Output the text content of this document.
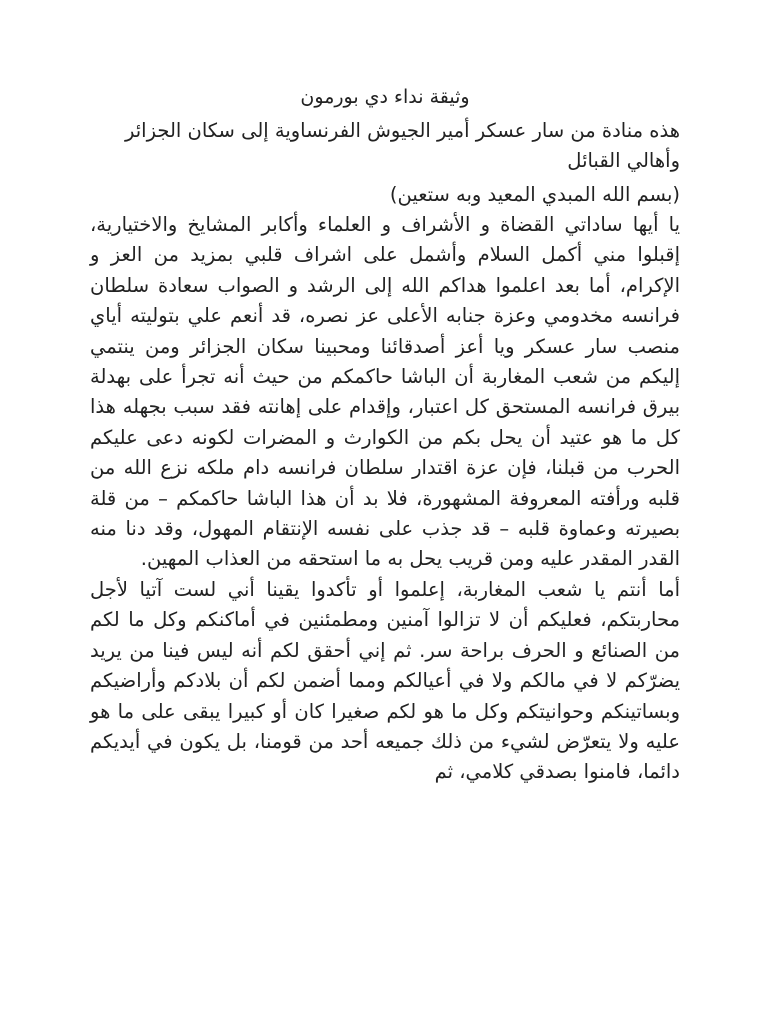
وثيقة نداء دي بورمون

هذه منادة من سار عسكر أمير الجيوش الفرنساوية إلى سكان الجزائر وأهالي القبائل

(بسم الله المبدي المعيد وبه ستعين)

يا أيها ساداتي القضاة و الأشراف و العلماء وأكابر المشايخ والاختيارية، إقبلوا مني أكمل السلام وأشمل على اشراف قلبي بمزيد من العز و الإكرام، أما بعد اعلموا هداكم الله إلى الرشد و الصواب سعادة سلطان فرانسه مخدومي وعزة جنابه الأعلى عز نصره، قد أنعم علي بتوليته أياي منصب سار عسكر ويا أعز أصدقائنا ومحبينا سكان الجزائر ومن ينتمي إليكم من شعب المغاربة أن الباشا حاكمكم من حيث أنه تجرأ على بهدلة بيرق فرانسه المستحق كل اعتبار، وإقدام على إهانته فقد سبب بجهله هذا كل ما هو عتيد أن يحل بكم من الكوارث و المضرات لكونه دعى عليكم الحرب من قبلنا، فإن عزة اقتدار سلطان فرانسه دام ملكه نزع الله من قلبه ورأفته المعروفة المشهورة، فلا بد أن هذا الباشا حاكمكم – من قلة بصيرته وعماوة قلبه – قد جذب على نفسه الإنتقام المهول، وقد دنا منه القدر المقدر عليه ومن قريب يحل به ما استحقه من العذاب المهين.

أما أنتم يا شعب المغاربة، إعلموا أو تأكدوا يقينا أني لست آتيا لأجل محاربتكم، فعليكم أن لا تزالوا آمنين ومطمئنين في أماكنكم وكل ما لكم من الصنائع و الحرف براحة سر. ثم إني أحقق لكم أنه ليس فينا من يريد يضرّكم لا في مالكم ولا في أعيالكم ومما أضمن لكم أن بلادكم وأراضيكم وبساتينكم وحوانيتكم وكل ما هو لكم صغيرا كان أو كبيرا يبقى على ما هو عليه ولا يتعرّض لشيء من ذلك جميعه أحد من قومنا، بل يكون في أيديكم دائما، فامنوا بصدقي كلامي، ثم
